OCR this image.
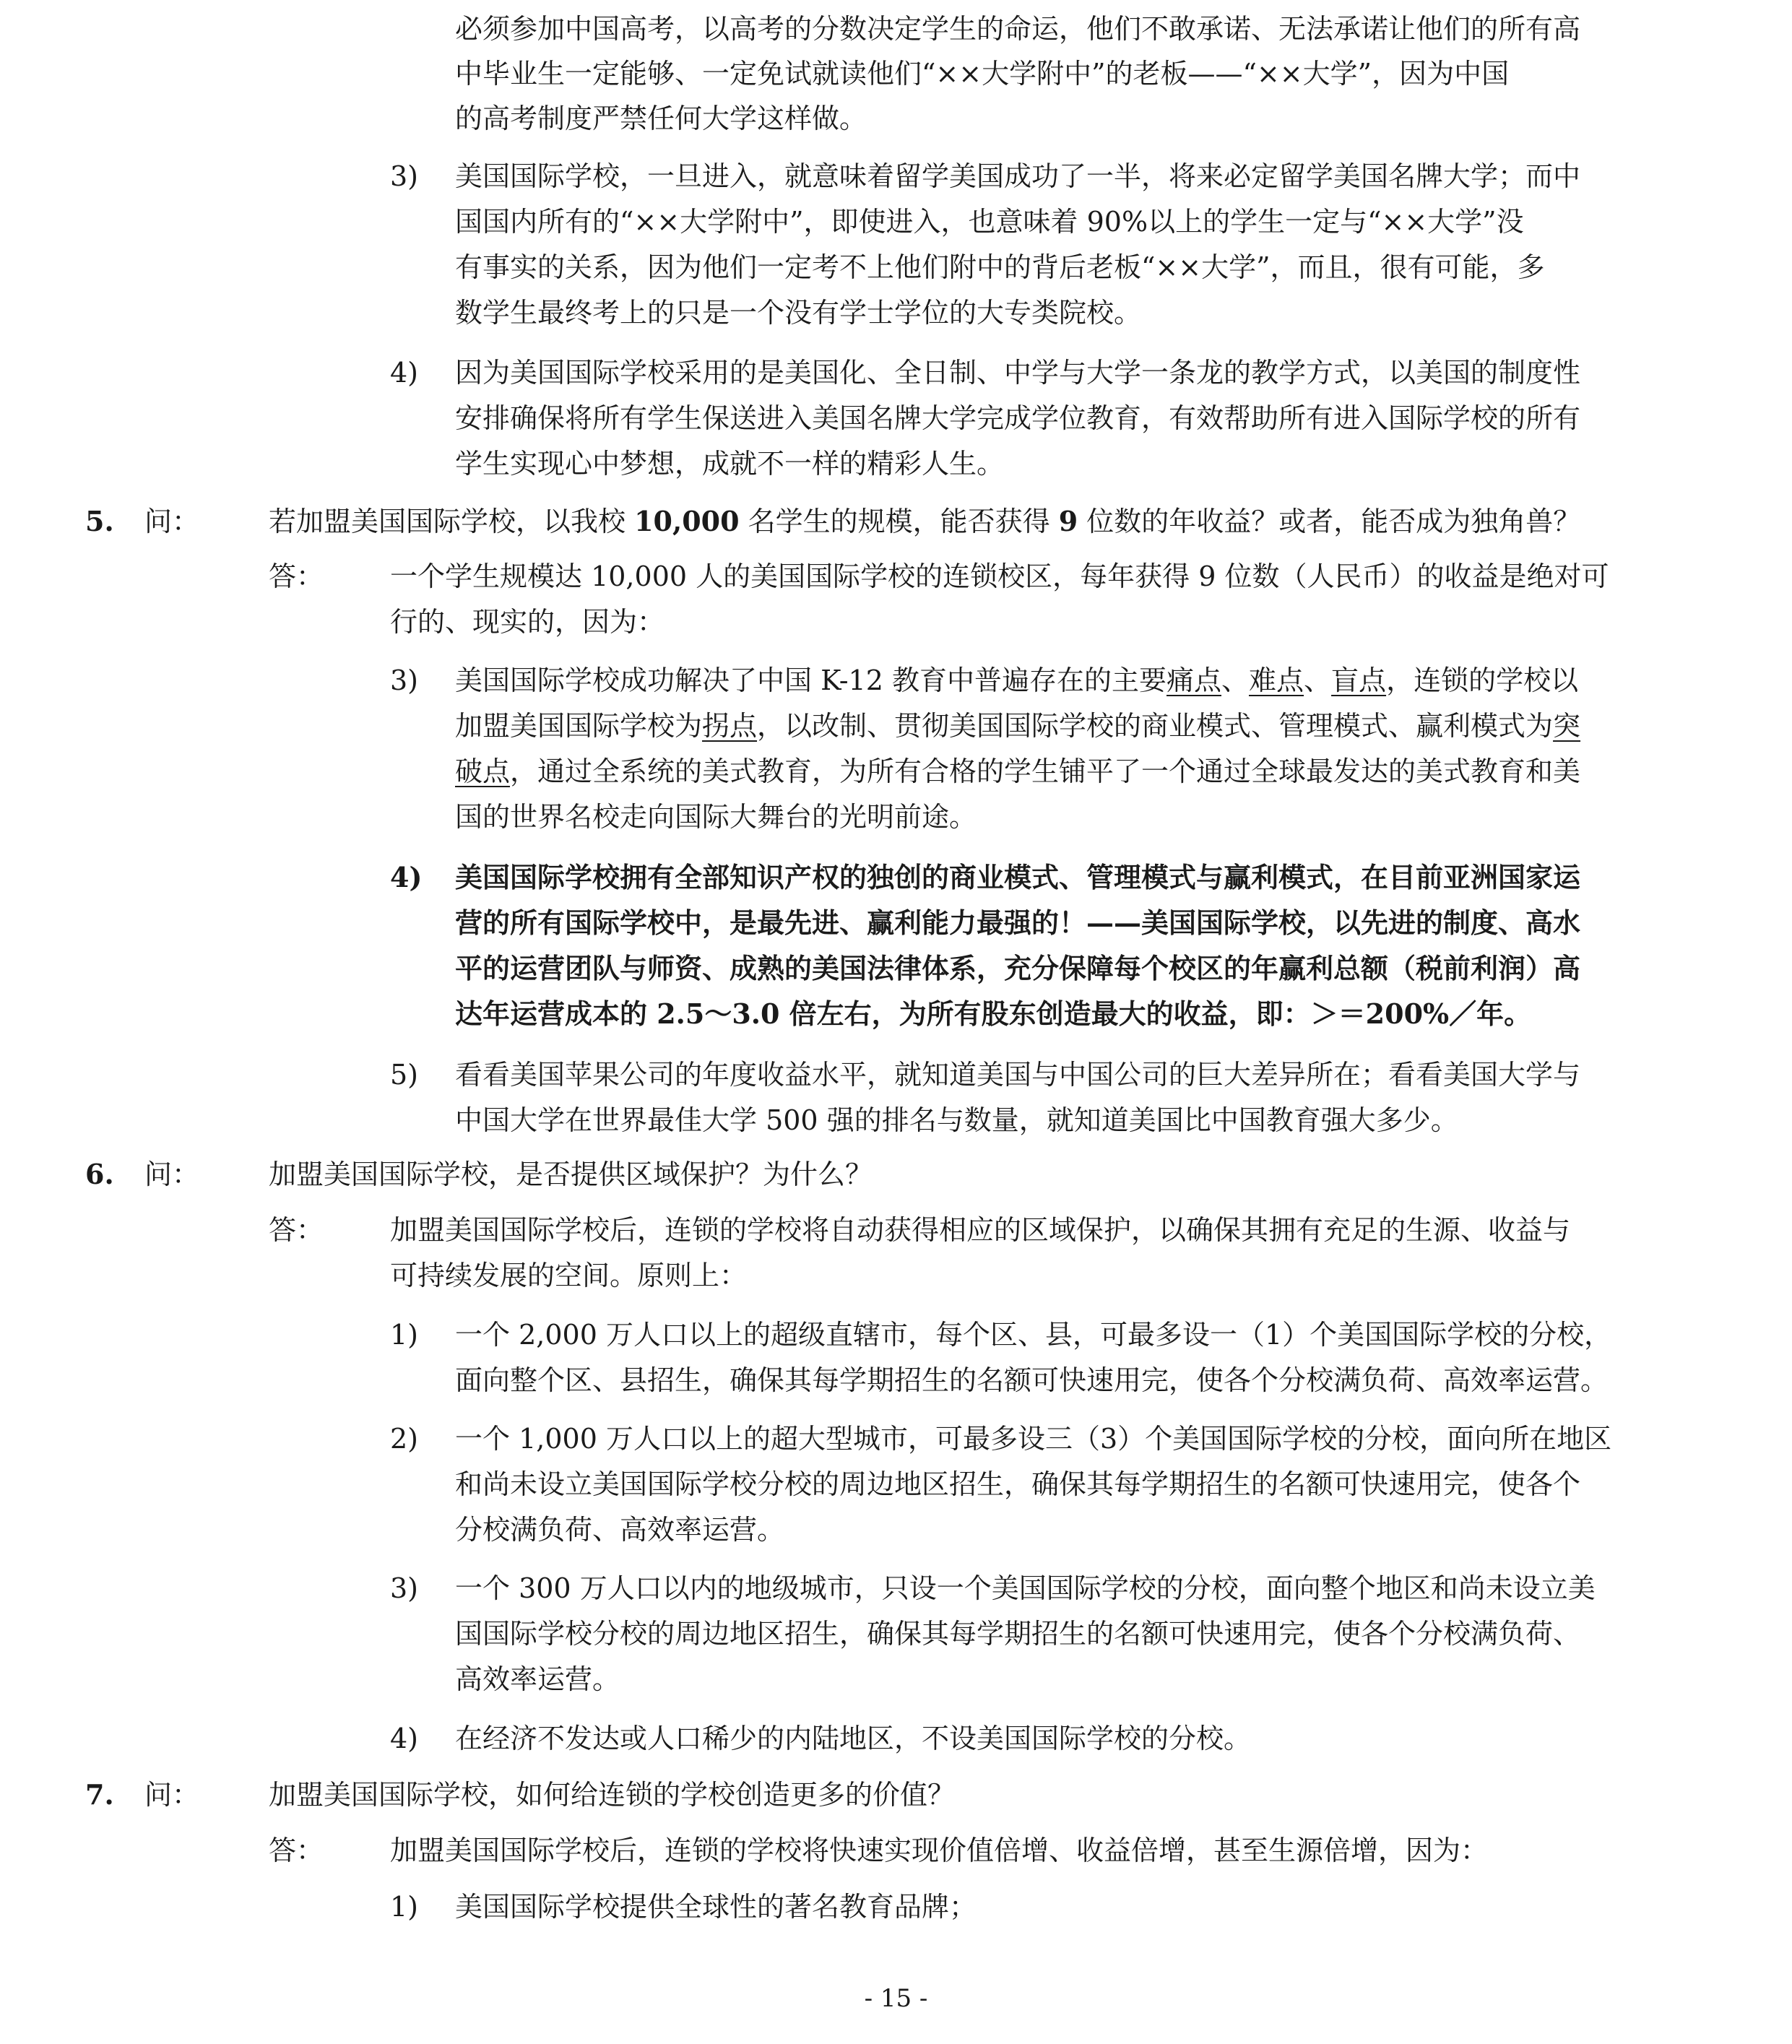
必须参加中国高考，以高考的分数决定学生的命运，他们不敢承诺、无法承诺让他们的所有高
中毕业生一定能够、一定免试就读他们“××大学附中”的老板——“××大学”，因为中国
的高考制度严禁任何大学这样做。
3) 美国国际学校，一旦进入，就意味着留学美国成功了一半，将来必定留学美国名牌大学；而中
国国内所有的“××大学附中”，即使进入，也意味着 90%以上的学生一定与“××大学”没
有事实的关系，因为他们一定考不上他们附中的背后老板“××大学”，而且，很有可能，多
数学生最终考上的只是一个没有学士学位的大专类院校。
4) 因为美国国际学校采用的是美国化、全日制、中学与大学一条龙的教学方式，以美国的制度性
安排确保将所有学生保送进入美国名牌大学完成学位教育，有效帮助所有进入国际学校的所有
学生实现心中梦想，成就不一样的精彩人生。
5. 问：	若加盟美国国际学校，以我校 10,000 名学生的规模，能否获得 9 位数的年收益？或者，能否成为独角兽？
答： 一个学生规模达 10,000 人的美国国际学校的连锁校区，每年获得 9 位数（人民币）的收益是绝对可
行的、现实的，因为：
3) 美国国际学校成功解决了中国 K-12 教育中普遍存在的主要痛点、难点、盲点，连锁的学校以
加盟美国国际学校为拐点，以改制、贯彻美国国际学校的商业模式、管理模式、赢利模式为突
破点，通过全系统的美式教育，为所有合格的学生铺平了一个通过全球最发达的美式教育和美
国的世界名校走向国际大舞台的光明前途。
4) 美国国际学校拥有全部知识产权的独创的商业模式、管理模式与赢利模式，在目前亚洲国家运
营的所有国际学校中，是最先进、赢利能力最强的！——美国国际学校，以先进的制度、高水
平的运营团队与师资、成熟的美国法律体系，充分保障每个校区的年赢利总额（税前利润）高
达年运营成本的 2.5～3.0 倍左右，为所有股东创造最大的收益，即：＞＝200%／年。
5) 看看美国苹果公司的年度收益水平，就知道美国与中国公司的巨大差异所在；看看美国大学与
中国大学在世界最佳大学 500 强的排名与数量，就知道美国比中国教育强大多少。
6. 问：	加盟美国国际学校，是否提供区域保护？为什么？
答： 加盟美国国际学校后，连锁的学校将自动获得相应的区域保护，以确保其拥有充足的生源、收益与
可持续发展的空间。原则上：
1) 一个 2,000 万人口以上的超级直辖市，每个区、县，可最多设一（1）个美国国际学校的分校，
面向整个区、县招生，确保其每学期招生的名额可快速用完，使各个分校满负荷、高效率运营。
2) 一个 1,000 万人口以上的超大型城市，可最多设三（3）个美国国际学校的分校，面向所在地区
和尚未设立美国国际学校分校的周边地区招生，确保其每学期招生的名额可快速用完，使各个
分校满负荷、高效率运营。
3) 一个 300 万人口以内的地级城市，只设一个美国国际学校的分校，面向整个地区和尚未设立美
国国际学校分校的周边地区招生，确保其每学期招生的名额可快速用完，使各个分校满负荷、
高效率运营。
4) 在经济不发达或人口稀少的内陆地区，不设美国国际学校的分校。
7. 问：	加盟美国国际学校，如何给连锁的学校创造更多的价值？
答： 加盟美国国际学校后，连锁的学校将快速实现价值倍增、收益倍增，甚至生源倍增，因为：
1) 美国国际学校提供全球性的著名教育品牌；
- 15 -
